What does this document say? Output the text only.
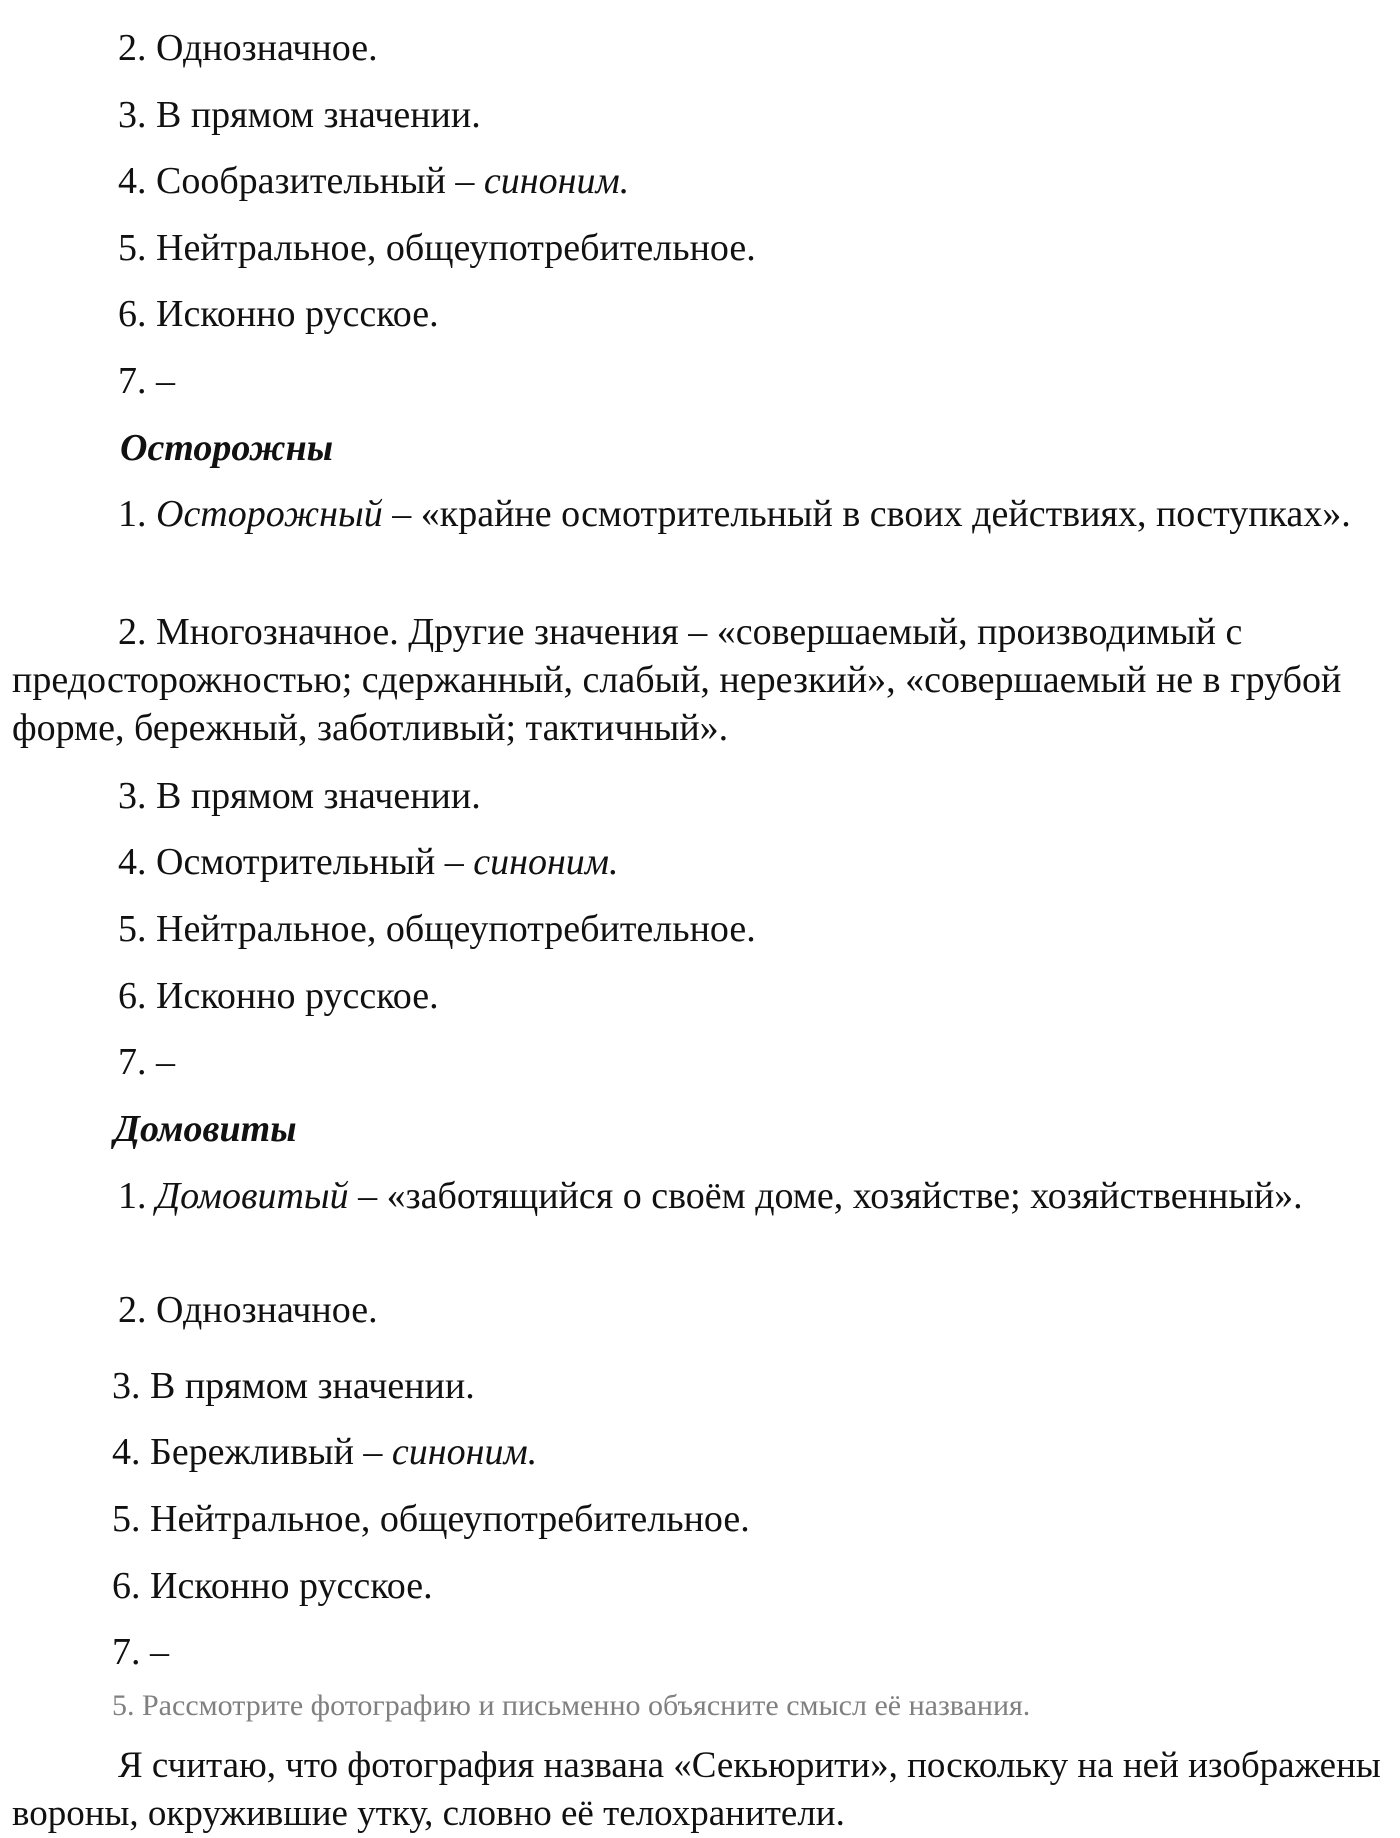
2. Однозначное.

3. В прямом значении.

4. Сообразительный – синоним.

5. Нейтральное, общеупотребительное.

6. Исконно русское.

7. –

Осторожны

1. Осторожный – «крайне осмотрительный в своих действиях, поступках».

2. Многозначное. Другие значения – «совершаемый, производимый с предосторожностью; сдержанный, слабый, нерезкий», «совершаемый не в грубой форме, бережный, заботливый; тактичный».

3. В прямом значении.

4. Осмотрительный – синоним.

5. Нейтральное, общеупотребительное.

6. Исконно русское.

7. –

Домовиты

1. Домовитый – «заботящийся о своём доме, хозяйстве; хозяйственный».

2. Однозначное.

3. В прямом значении.

4. Бережливый – синоним.

5. Нейтральное, общеупотребительное.

6. Исконно русское.

7. –

5. Рассмотрите фотографию и письменно объясните смысл её названия.

Я считаю, что фотография названа «Секьюрити», поскольку на ней изображены вороны, окружившие утку, словно её телохранители.
